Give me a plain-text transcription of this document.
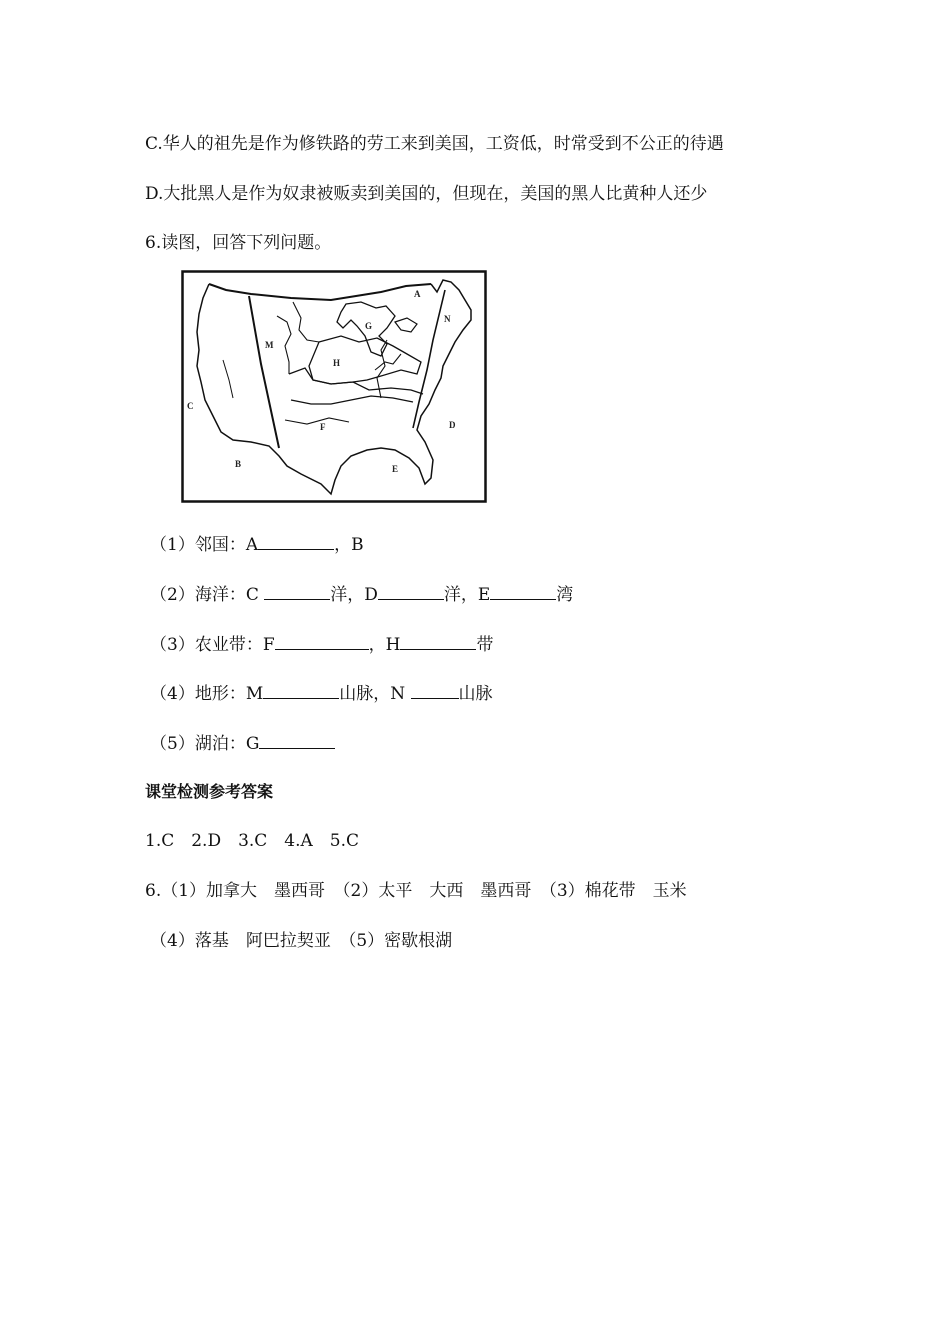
C.华人的祖先是作为修铁路的劳工来到美国，工资低，时常受到不公正的待遇
D.大批黑人是作为奴隶被贩卖到美国的，但现在，美国的黑人比黄种人还少
6.读图，回答下列问题。
A
N
G
M
H
C
F	D
B	E
（1）邻国：A	，B
（2）海洋：C	洋，D	洋，E	湾
（3）农业带：F	，H	带
（4）地形：M	山脉，N	山脉
（5）湖泊：G
课堂检测参考答案
1.C　2.D　3.C　4.A　5.C
6.（1）加拿大　墨西哥　（2）太平　大西　墨西哥　（3）棉花带　玉米
（4）落基　阿巴拉契亚　（5）密歇根湖
